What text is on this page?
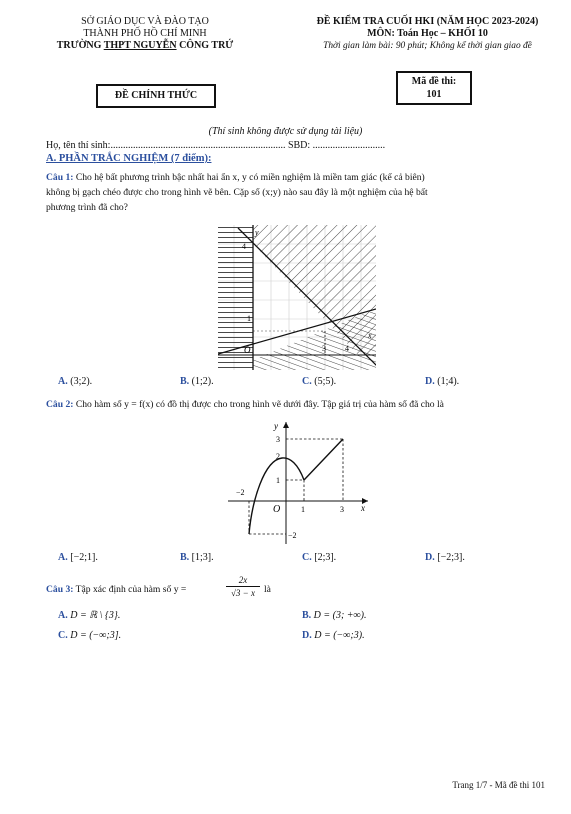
SỞ GIÁO DỤC VÀ ĐÀO TẠO
THÀNH PHỐ HỒ CHÍ MINH
TRƯỜNG THPT NGUYỄN CÔNG TRỨ
ĐỀ KIỂM TRA CUỐI HKI (NĂM HỌC 2023-2024)
MÔN: Toán Học – KHỐI 10
Thời gian làm bài: 90 phút; Không kể thời gian giao đề
ĐỀ CHÍNH THỨC
Mã đề thi:
101
(Thí sinh không được sử dụng tài liệu)
Họ, tên thí sinh:...................................................................... SBD: .............................
A. PHẦN TRẮC NGHIỆM (7 điểm):
Câu 1: Cho hệ bất phương trình bậc nhất hai ẩn x, y có miền nghiệm là miền tam giác (kể cả biên)
không bị gạch chéo được cho trong hình vẽ bên. Cặp số (x;y) nào sau đây là một nghiệm của hệ bất
phương trình đã cho?
4
y
1
3 4
x
O
A. (3;2).	B. (1;2).	C. (5;5).	D. (1;4).
Câu 2: Cho hàm số y = f(x) có đồ thị được cho trong hình vẽ dưới đây. Tập giá trị của hàm số đã cho là
y
x
O
3
2
1
−2
1	3
−2
A. [−2;1].	B. [1;3].	C. [2;3].	D. [−2;3].
Câu 3: Tập xác định của hàm số y =	$\frac{2x}{√3 - x}$ là
A. D = ℝ \ {3}.	B. D = (3; +∞).
C. D = (−∞;3].	D. D = (−∞;3).
Trang 1/7 - Mã đề thi 101
